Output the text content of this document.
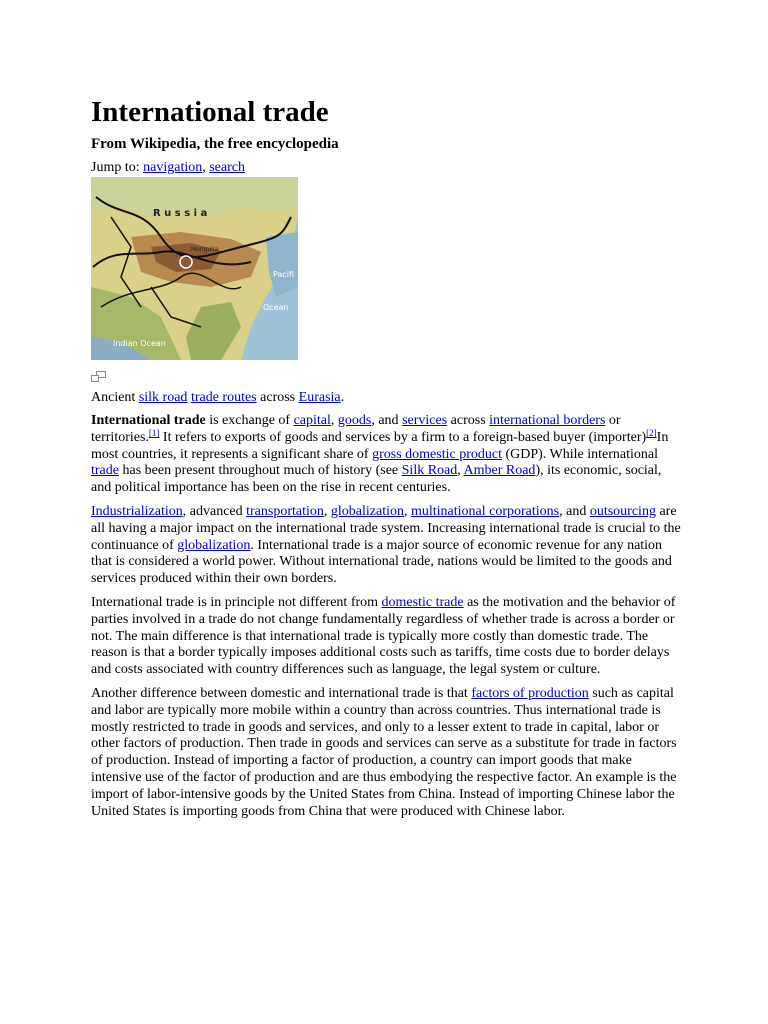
International trade
From Wikipedia, the free encyclopedia
Jump to: navigation, search
R u s s i a
Mongolia
Pacifi
Ocean
Indian Ocean
Ancient silk road trade routes across Eurasia.

International trade is exchange of capital, goods, and services across international borders or territories.[1] It refers to exports of goods and services by a firm to a foreign-based buyer (importer)[2]In most countries, it represents a significant share of gross domestic product (GDP). While international trade has been present throughout much of history (see Silk Road, Amber Road), its economic, social, and political importance has been on the rise in recent centuries.

Industrialization, advanced transportation, globalization, multinational corporations, and outsourcing are all having a major impact on the international trade system. Increasing international trade is crucial to the continuance of globalization. International trade is a major source of economic revenue for any nation that is considered a world power. Without international trade, nations would be limited to the goods and services produced within their own borders.

International trade is in principle not different from domestic trade as the motivation and the behavior of parties involved in a trade do not change fundamentally regardless of whether trade is across a border or not. The main difference is that international trade is typically more costly than domestic trade. The reason is that a border typically imposes additional costs such as tariffs, time costs due to border delays and costs associated with country differences such as language, the legal system or culture.

Another difference between domestic and international trade is that factors of production such as capital and labor are typically more mobile within a country than across countries. Thus international trade is mostly restricted to trade in goods and services, and only to a lesser extent to trade in capital, labor or other factors of production. Then trade in goods and services can serve as a substitute for trade in factors of production. Instead of importing a factor of production, a country can import goods that make intensive use of the factor of production and are thus embodying the respective factor. An example is the import of labor-intensive goods by the United States from China. Instead of importing Chinese labor the United States is importing goods from China that were produced with Chinese labor.
